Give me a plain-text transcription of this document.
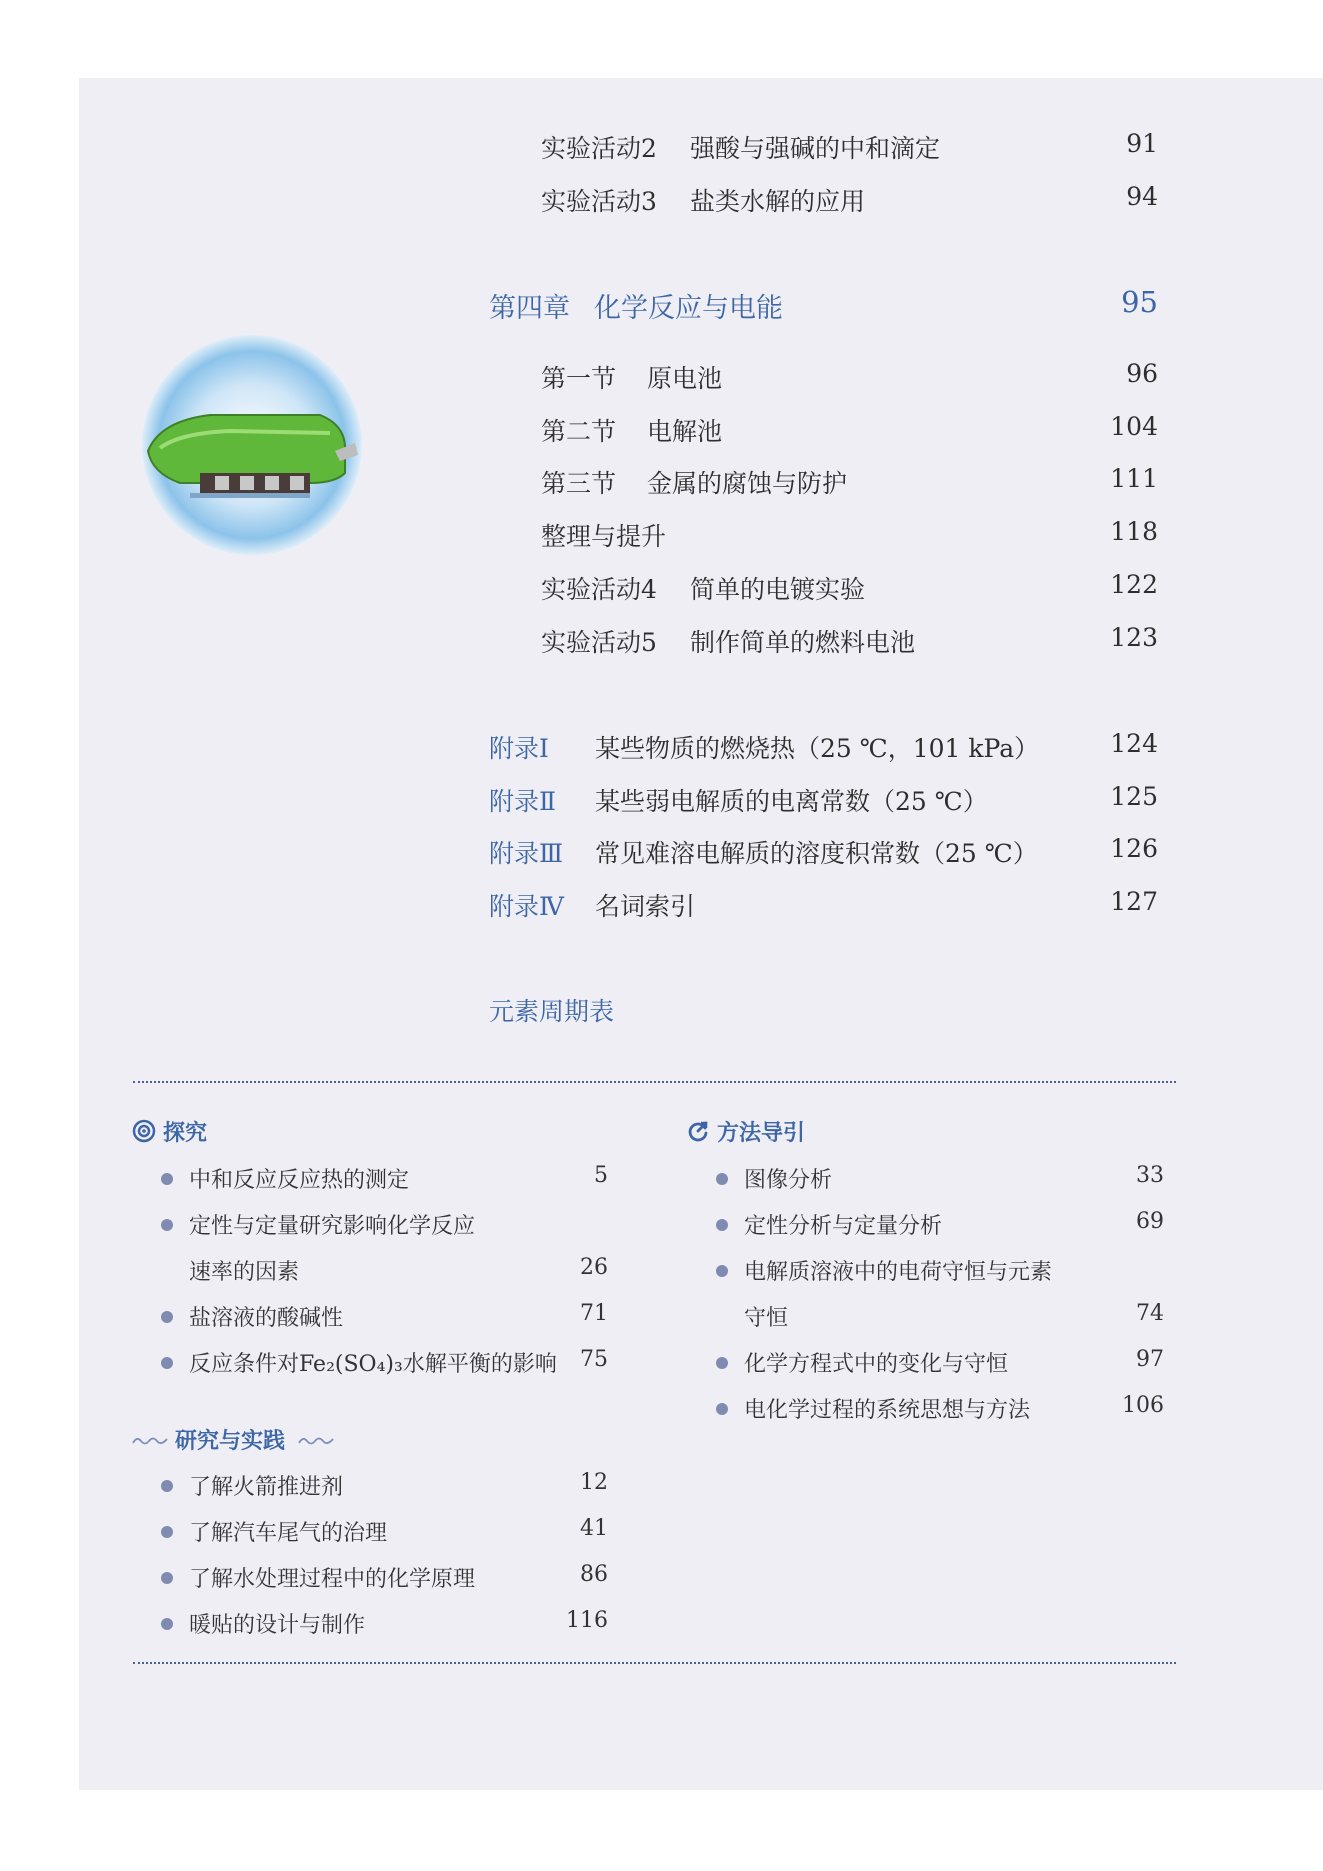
实验活动2 强酸与强碱的中和滴定	91
实验活动3 盐类水解的应用	94
第四章 化学反应与电能	95
第一节 原电池	96
第二节 电解池	104
第三节 金属的腐蚀与防护	111
整理与提升	118
实验活动4 简单的电镀实验	122
实验活动5 制作简单的燃料电池	123
附录Ⅰ 某些物质的燃烧热（25 ℃，101 kPa）	124
附录Ⅱ 某些弱电解质的电离常数（25 ℃）	125
附录Ⅲ 常见难溶电解质的溶度积常数（25 ℃）	126
附录Ⅳ 名词索引	127
元素周期表
探究
中和反应反应热的测定	5
定性与定量研究影响化学反应
速率的因素	26
盐溶液的酸碱性	71
反应条件对Fe₂(SO₄)₃水解平衡的影响 75
方法导引
图像分析	33
定性分析与定量分析	69
电解质溶液中的电荷守恒与元素
守恒	74
化学方程式中的变化与守恒	97
电化学过程的系统思想与方法	106
研究与实践
了解火箭推进剂	12
了解汽车尾气的治理	41
了解水处理过程中的化学原理	86
暖贴的设计与制作	116
